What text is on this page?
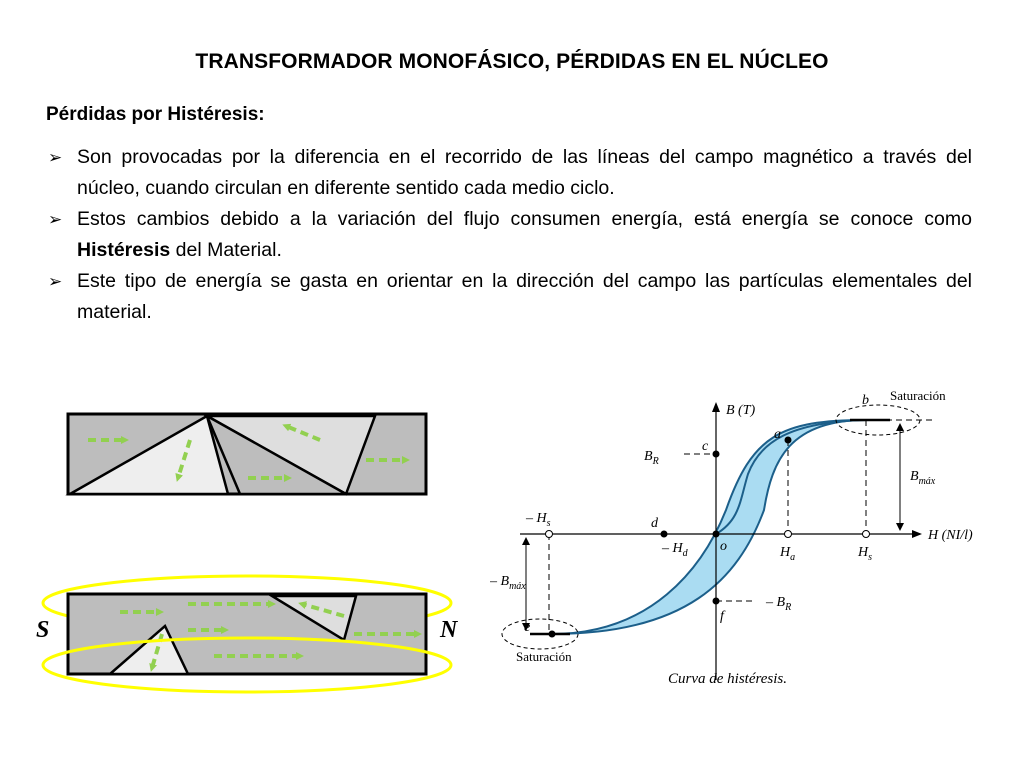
TRANSFORMADOR MONOFÁSICO, PÉRDIDAS EN EL NÚCLEO
Pérdidas por Histéresis:
➢ Son provocadas por la diferencia en el recorrido de las líneas del campo magnético a través del núcleo, cuando circulan en diferente sentido cada medio ciclo.
➢ Estos cambios debido a la variación del flujo consumen energía, está energía se conoce como Histéresis del Material.
➢ Este tipo de energía se gasta en orientar en la dirección del campo las partículas elementales del material.
S	N
B (T)
H (NI/l)
b
a
c
d
o
f
e
$B_R$
– $B_R$
$B_{máx}$
– $B_{máx}$
$H_s$
– $H_s$
$H_a$
– $H_d$
Saturación
Saturación
Curva de histéresis.
